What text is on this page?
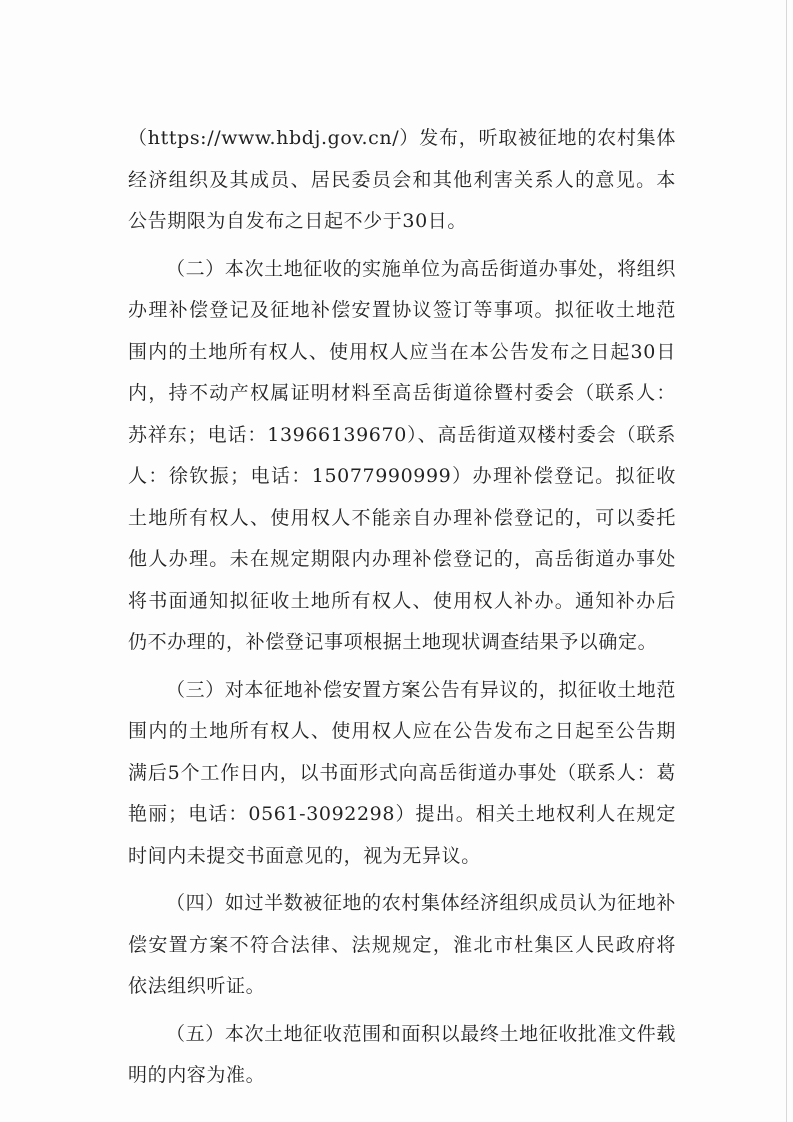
（https://www.hbdj.gov.cn/）发布，听取被征地的农村集体经济组织及其成员、居民委员会和其他利害关系人的意见。本公告期限为自发布之日起不少于30日。

（二）本次土地征收的实施单位为高岳街道办事处，将组织办理补偿登记及征地补偿安置协议签订等事项。拟征收土地范围内的土地所有权人、使用权人应当在本公告发布之日起30日内，持不动产权属证明材料至高岳街道徐暨村委会（联系人：苏祥东；电话：13966139670）、高岳街道双楼村委会（联系人：徐钦振；电话：15077990999）办理补偿登记。拟征收土地所有权人、使用权人不能亲自办理补偿登记的，可以委托他人办理。未在规定期限内办理补偿登记的，高岳街道办事处将书面通知拟征收土地所有权人、使用权人补办。通知补办后仍不办理的，补偿登记事项根据土地现状调查结果予以确定。

（三）对本征地补偿安置方案公告有异议的，拟征收土地范围内的土地所有权人、使用权人应在公告发布之日起至公告期满后5个工作日内，以书面形式向高岳街道办事处（联系人：葛艳丽；电话：0561-3092298）提出。相关土地权利人在规定时间内未提交书面意见的，视为无异议。

（四）如过半数被征地的农村集体经济组织成员认为征地补偿安置方案不符合法律、法规规定，淮北市杜集区人民政府将依法组织听证。

（五）本次土地征收范围和面积以最终土地征收批准文件载明的内容为准。
